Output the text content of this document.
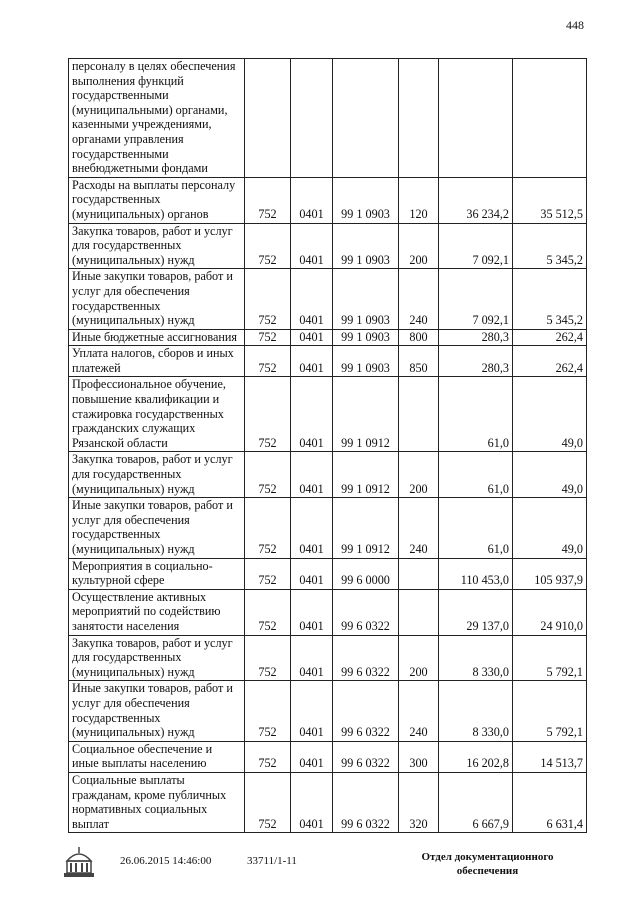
448
персоналу в целях обеспечения выполнения функций государственными (муниципальными) органами, казенными учреждениями, органами управления государственными внебюджетными фондами						
Расходы на выплаты персоналу государственных (муниципальных) органов	752	0401	99 1 0903	120	36 234,2	35 512,5
Закупка товаров, работ и услуг для государственных (муниципальных) нужд	752	0401	99 1 0903	200	7 092,1	5 345,2
Иные закупки товаров, работ и услуг для обеспечения государственных (муниципальных) нужд	752	0401	99 1 0903	240	7 092,1	5 345,2
Иные бюджетные ассигнования	752	0401	99 1 0903	800	280,3	262,4
Уплата налогов, сборов и иных платежей	752	0401	99 1 0903	850	280,3	262,4
Профессиональное обучение, повышение квалификации и стажировка государственных гражданских служащих Рязанской области	752	0401	99 1 0912		61,0	49,0
Закупка товаров, работ и услуг для государственных (муниципальных) нужд	752	0401	99 1 0912	200	61,0	49,0
Иные закупки товаров, работ и услуг для обеспечения государственных (муниципальных) нужд	752	0401	99 1 0912	240	61,0	49,0
Мероприятия в социально-культурной сфере	752	0401	99 6 0000		110 453,0	105 937,9
Осуществление активных мероприятий по содействию занятости населения	752	0401	99 6 0322		29 137,0	24 910,0
Закупка товаров, работ и услуг для государственных (муниципальных) нужд	752	0401	99 6 0322	200	8 330,0	5 792,1
Иные закупки товаров, работ и услуг для обеспечения государственных (муниципальных) нужд	752	0401	99 6 0322	240	8 330,0	5 792,1
Социальное обеспечение и иные выплаты населению	752	0401	99 6 0322	300	16 202,8	14 513,7
Социальные выплаты гражданам, кроме публичных нормативных социальных выплат	752	0401	99 6 0322	320	6 667,9	6 631,4
26.06.2015 14:46:00	33711/1-11	Отдел документационного
обеспечения
